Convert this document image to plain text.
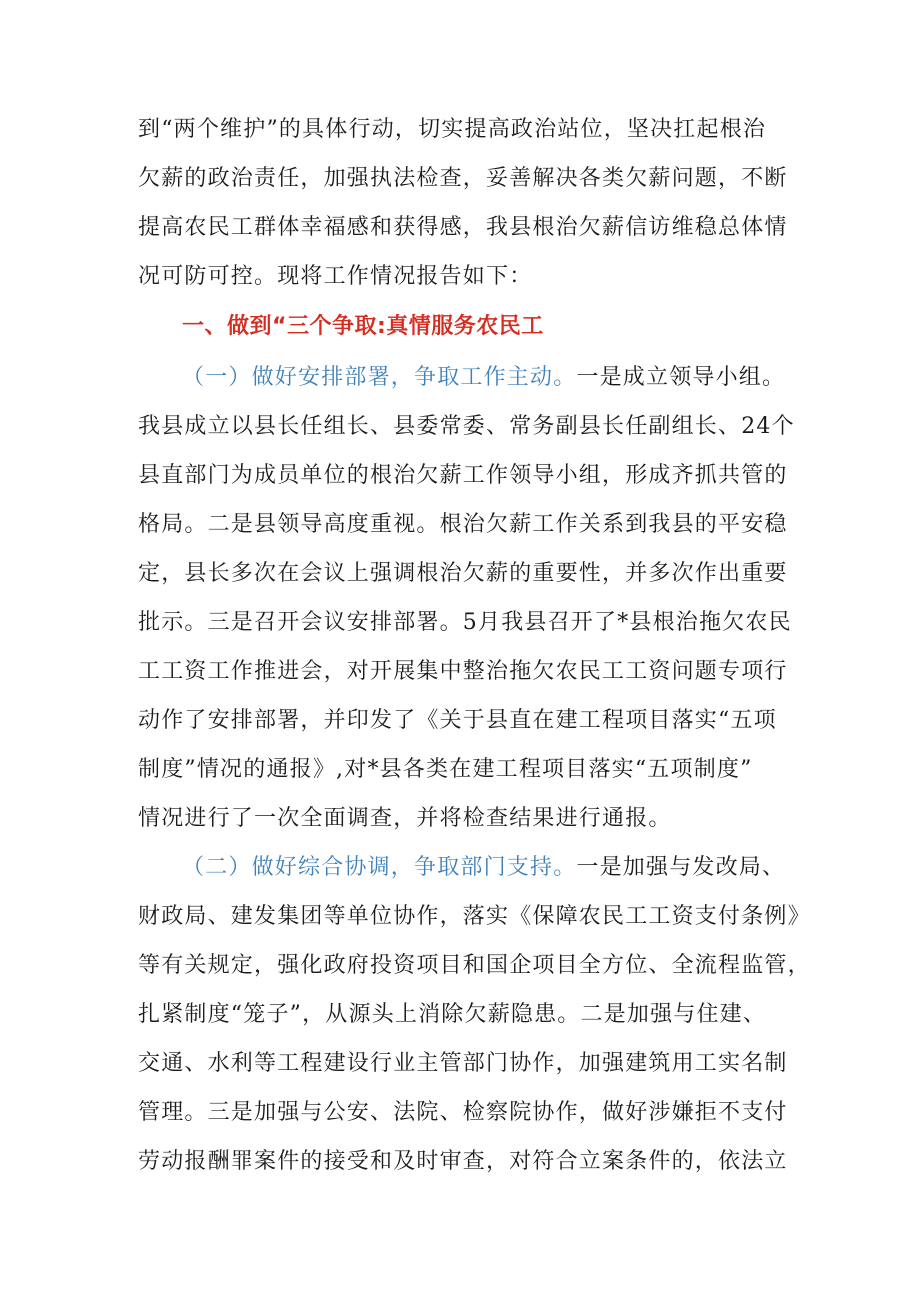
到“两个维护”的具体行动，切实提高政治站位，坚决扛起根治
欠薪的政治责任，加强执法检查，妥善解决各类欠薪问题，不断
提高农民工群体幸福感和获得感，我县根治欠薪信访维稳总体情
况可防可控。现将工作情况报告如下：
一、做到“三个争取:真情服务农民工
（一）做好安排部署，争取工作主动。一是成立领导小组。
我县成立以县长任组长、县委常委、常务副县长任副组长、24个
县直部门为成员单位的根治欠薪工作领导小组，形成齐抓共管的
格局。二是县领导高度重视。根治欠薪工作关系到我县的平安稳
定，县长多次在会议上强调根治欠薪的重要性，并多次作出重要
批示。三是召开会议安排部署。5月我县召开了*县根治拖欠农民
工工资工作推进会，对开展集中整治拖欠农民工工资问题专项行
动作了安排部署，并印发了《关于县直在建工程项目落实“五项
制度”情况的通报》,对*县各类在建工程项目落实“五项制度”
情况进行了一次全面调查，并将检查结果进行通报。
（二）做好综合协调，争取部门支持。一是加强与发改局、
财政局、建发集团等单位协作，落实《保障农民工工资支付条例》
等有关规定，强化政府投资项目和国企项目全方位、全流程监管，
扎紧制度“笼子”，从源头上消除欠薪隐患。二是加强与住建、
交通、水利等工程建设行业主管部门协作，加强建筑用工实名制
管理。三是加强与公安、法院、检察院协作，做好涉嫌拒不支付
劳动报酬罪案件的接受和及时审查，对符合立案条件的，依法立
